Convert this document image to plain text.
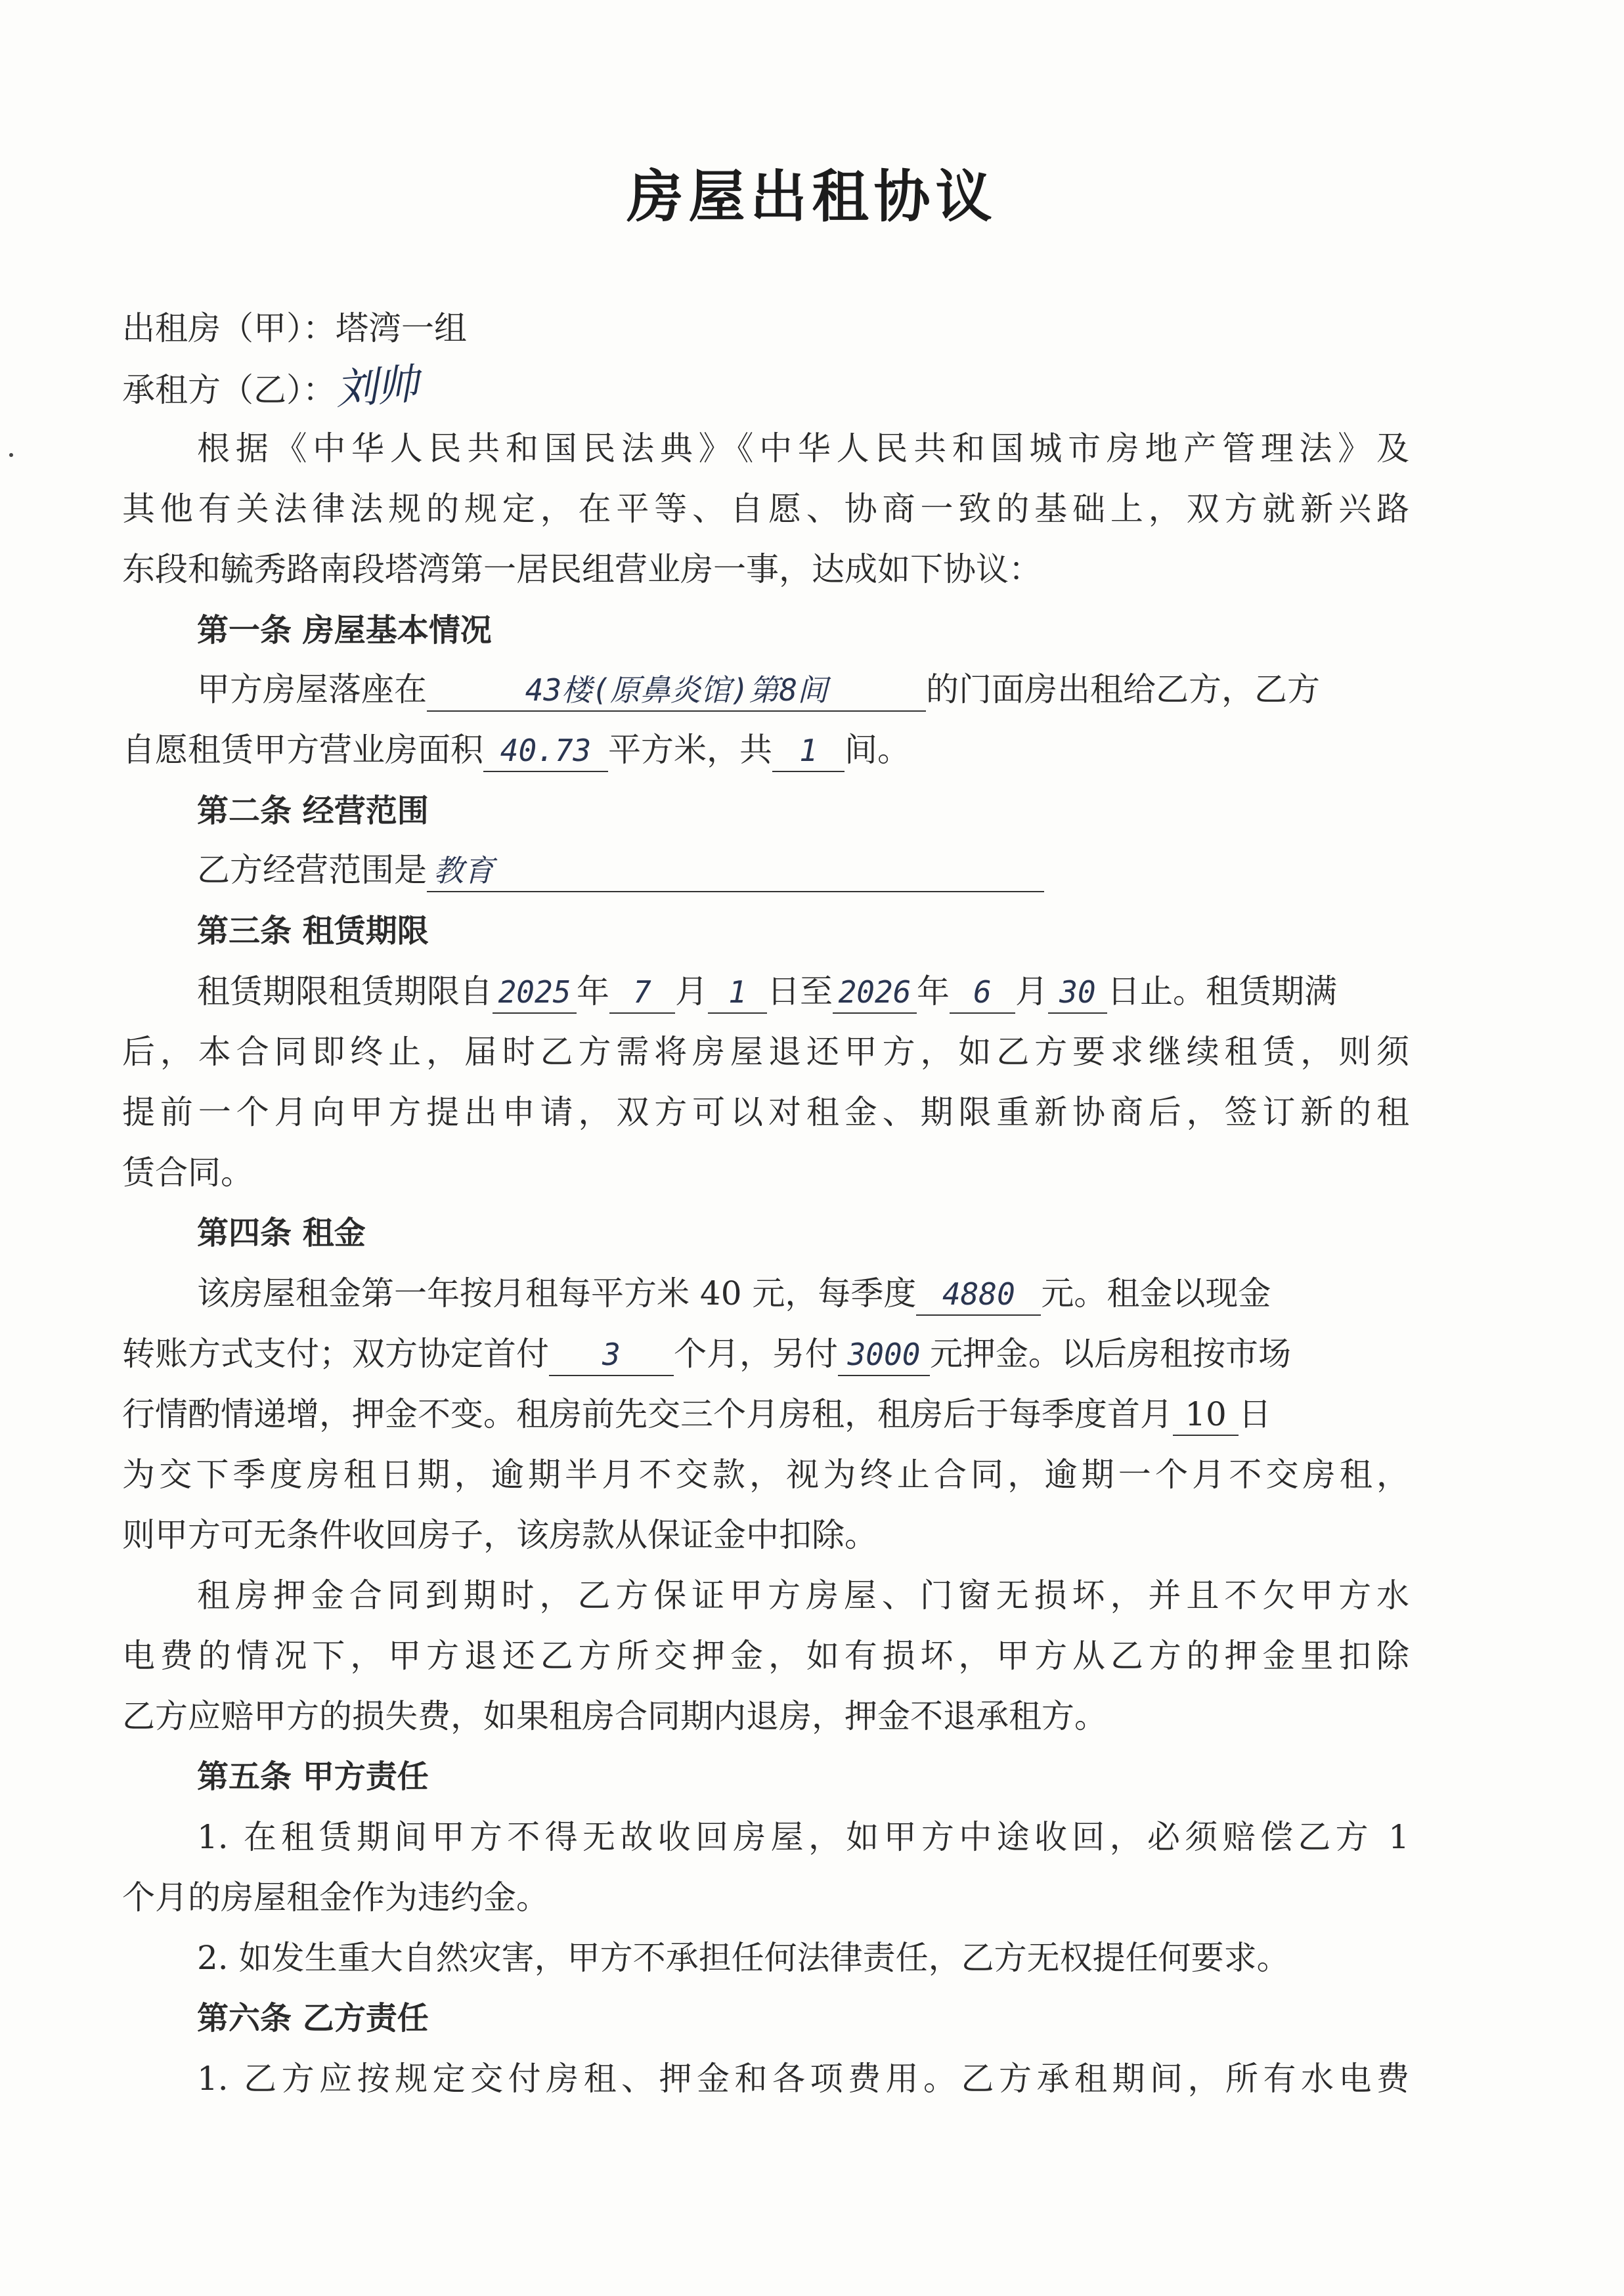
房屋出租协议
出租房（甲）：塔湾一组
承租方（乙）：刘帅
根据《中华人民共和国民法典》《中华人民共和国城市房地产管理法》及
其他有关法律法规的规定，在平等、自愿、协商一致的基础上，双方就新兴路
东段和毓秀路南段塔湾第一居民组营业房一事，达成如下协议：
第一条 房屋基本情况
甲方房屋落座在	43楼(原鼻炎馆)第8间	的门面房出租给乙方，乙方
自愿租赁甲方营业房面积 40.73 平方米，共 1 间。
第二条 经营范围
乙方经营范围是 教育
第三条 租赁期限
租赁期限租赁期限自 2025 年 7 月 1 日至 2026 年 6 月 30 日止。租赁期满
后，本合同即终止，届时乙方需将房屋退还甲方，如乙方要求继续租赁，则须
提前一个月向甲方提出申请，双方可以对租金、期限重新协商后，签订新的租
赁合同。
第四条 租金
该房屋租金第一年按月租每平方米 40 元，每季度 4880 元。租金以现金
转账方式支付；双方协定首付 3 个月，另付 3000 元押金。以后房租按市场
行情酌情递增，押金不变。租房前先交三个月房租，租房后于每季度首月 10 日
为交下季度房租日期，逾期半月不交款，视为终止合同，逾期一个月不交房租，
则甲方可无条件收回房子，该房款从保证金中扣除。
租房押金合同到期时，乙方保证甲方房屋、门窗无损坏，并且不欠甲方水
电费的情况下，甲方退还乙方所交押金，如有损坏，甲方从乙方的押金里扣除
乙方应赔甲方的损失费，如果租房合同期内退房，押金不退承租方。
第五条 甲方责任
1. 在租赁期间甲方不得无故收回房屋，如甲方中途收回，必须赔偿乙方 1
个月的房屋租金作为违约金。
2. 如发生重大自然灾害，甲方不承担任何法律责任，乙方无权提任何要求。
第六条 乙方责任
1. 乙方应按规定交付房租、押金和各项费用。乙方承租期间，所有水电费
